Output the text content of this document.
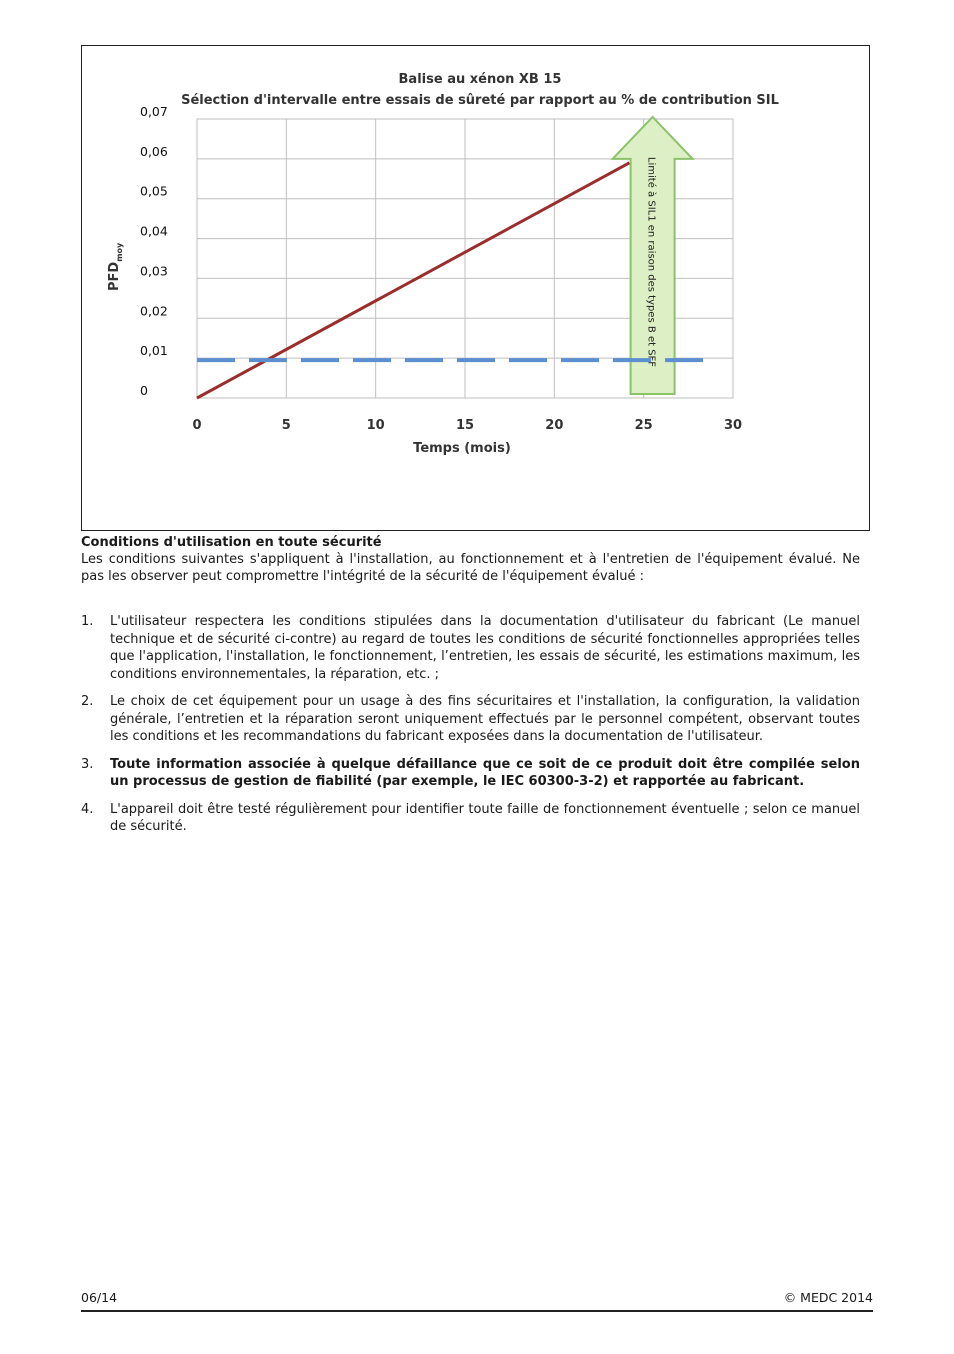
Balise au xénon XB 15
Sélection d'intervalle entre essais de sûreté par rapport au % de contribution SIL
0
0,01
0,02
0,03
0,04
0,05
0,06
0,07
0	5	10	15	20	25	30
Limité à SIL1 en raison des types B et SFF
Temps (mois)
$PFD_{moy}$
Conditions d'utilisation en toute sécurité
Les conditions suivantes s'appliquent à l'installation, au fonctionnement et à l'entretien de l'équipement évalué. Ne pas les observer peut compromettre l'intégrité de la sécurité de l'équipement évalué :
1. L'utilisateur respectera les conditions stipulées dans la documentation d'utilisateur du fabricant (Le manuel technique et de sécurité ci-contre) au regard de toutes les conditions de sécurité fonctionnelles appropriées telles que l'application, l'installation, le fonctionnement, l’entretien, les essais de sécurité, les estimations maximum, les conditions environnementales, la réparation, etc. ;
2. Le choix de cet équipement pour un usage à des fins sécuritaires et l'installation, la configuration, la validation générale, l’entretien et la réparation seront uniquement effectués par le personnel compétent, observant toutes les conditions et les recommandations du fabricant exposées dans la documentation de l'utilisateur.
3. Toute information associée à quelque défaillance que ce soit de ce produit doit être compilée selon un processus de gestion de fiabilité (par exemple, le IEC 60300-3-2) et rapportée au fabricant.
4. L'appareil doit être testé régulièrement pour identifier toute faille de fonctionnement éventuelle ; selon ce manuel de sécurité.
06/14	© MEDC 2014
